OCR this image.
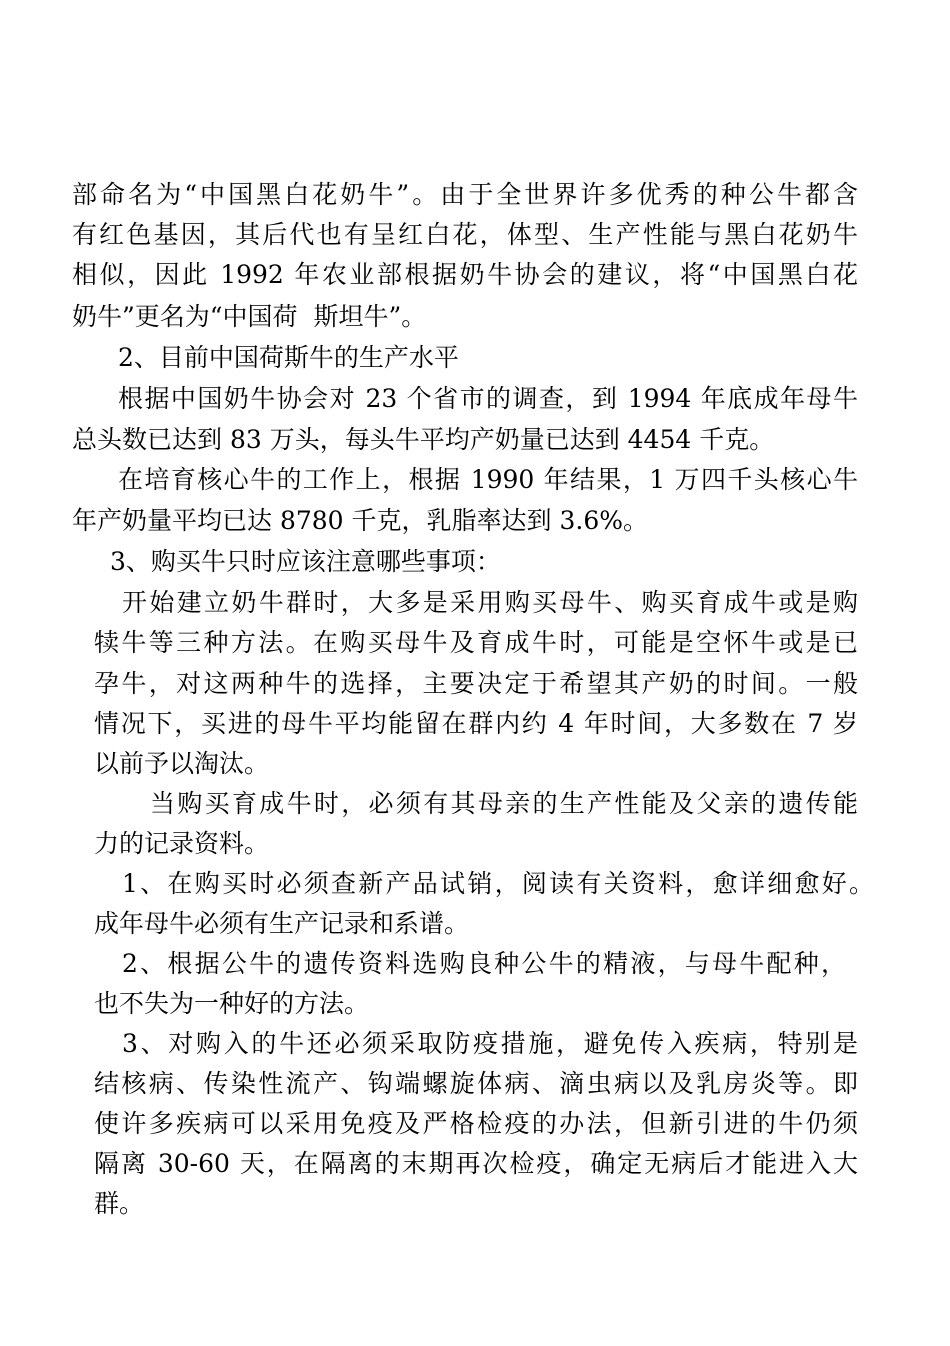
部命名为“中国黑白花奶牛”。由于全世界许多优秀的种公牛都含
有红色基因，其后代也有呈红白花，体型、生产性能与黑白花奶牛
相似，因此 1992 年农业部根据奶牛协会的建议，将“中国黑白花
奶牛”更名为“中国荷  斯坦牛”。
2、目前中国荷斯牛的生产水平
根据中国奶牛协会对 23 个省市的调查，到 1994 年底成年母牛
总头数已达到 83 万头，每头牛平均产奶量已达到 4454 千克。
在培育核心牛的工作上，根据 1990 年结果，1 万四千头核心牛
年产奶量平均已达 8780 千克，乳脂率达到 3.6%。
3、购买牛只时应该注意哪些事项：
开始建立奶牛群时，大多是采用购买母牛、购买育成牛或是购
犊牛等三种方法。在购买母牛及育成牛时，可能是空怀牛或是已
孕牛，对这两种牛的选择，主要决定于希望其产奶的时间。一般
情况下，买进的母牛平均能留在群内约 4 年时间，大多数在 7 岁
以前予以淘汰。
当购买育成牛时，必须有其母亲的生产性能及父亲的遗传能
力的记录资料。
1、在购买时必须查新产品试销，阅读有关资料，愈详细愈好。
成年母牛必须有生产记录和系谱。
2、根据公牛的遗传资料选购良种公牛的精液，与母牛配种，
也不失为一种好的方法。
3、对购入的牛还必须采取防疫措施，避免传入疾病，特别是
结核病、传染性流产、钩端螺旋体病、滴虫病以及乳房炎等。即
使许多疾病可以采用免疫及严格检疫的办法，但新引进的牛仍须
隔离 30-60 天，在隔离的末期再次检疫，确定无病后才能进入大
群。
